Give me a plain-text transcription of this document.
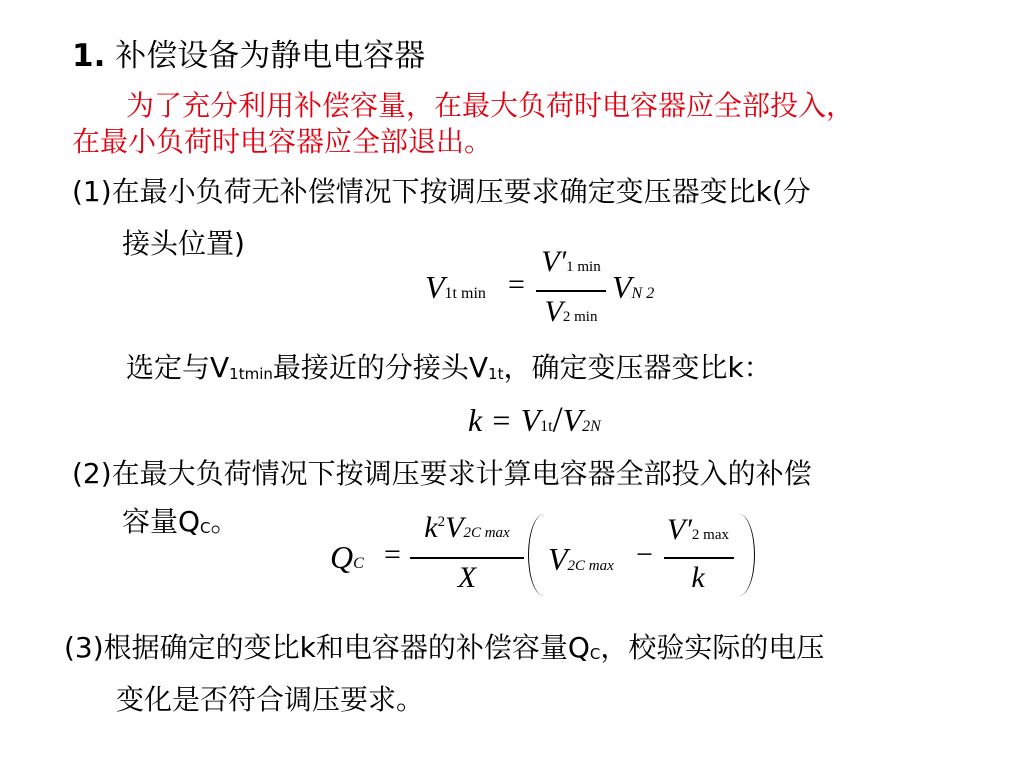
1. 补偿设备为静电电容器
为了充分利用补偿容量，在最大负荷时电容器应全部投入，
在最小负荷时电容器应全部退出。
(1)在最小负荷无补偿情况下按调压要求确定变压器变比k(分
接头位置)
V1t min =
V′1 min
V2 min
VN 2
选定与V1tmin最接近的分接头V1t，确定变压器变比k：
k = V1t/V2N
(2)在最大负荷情况下按调压要求计算电容器全部投入的补偿
容量QC。
QC =
$k^2V2C$ max
X
V2C max −
V′2 max
k
(3)根据确定的变比k和电容器的补偿容量QC，校验实际的电压
变化是否符合调压要求。
